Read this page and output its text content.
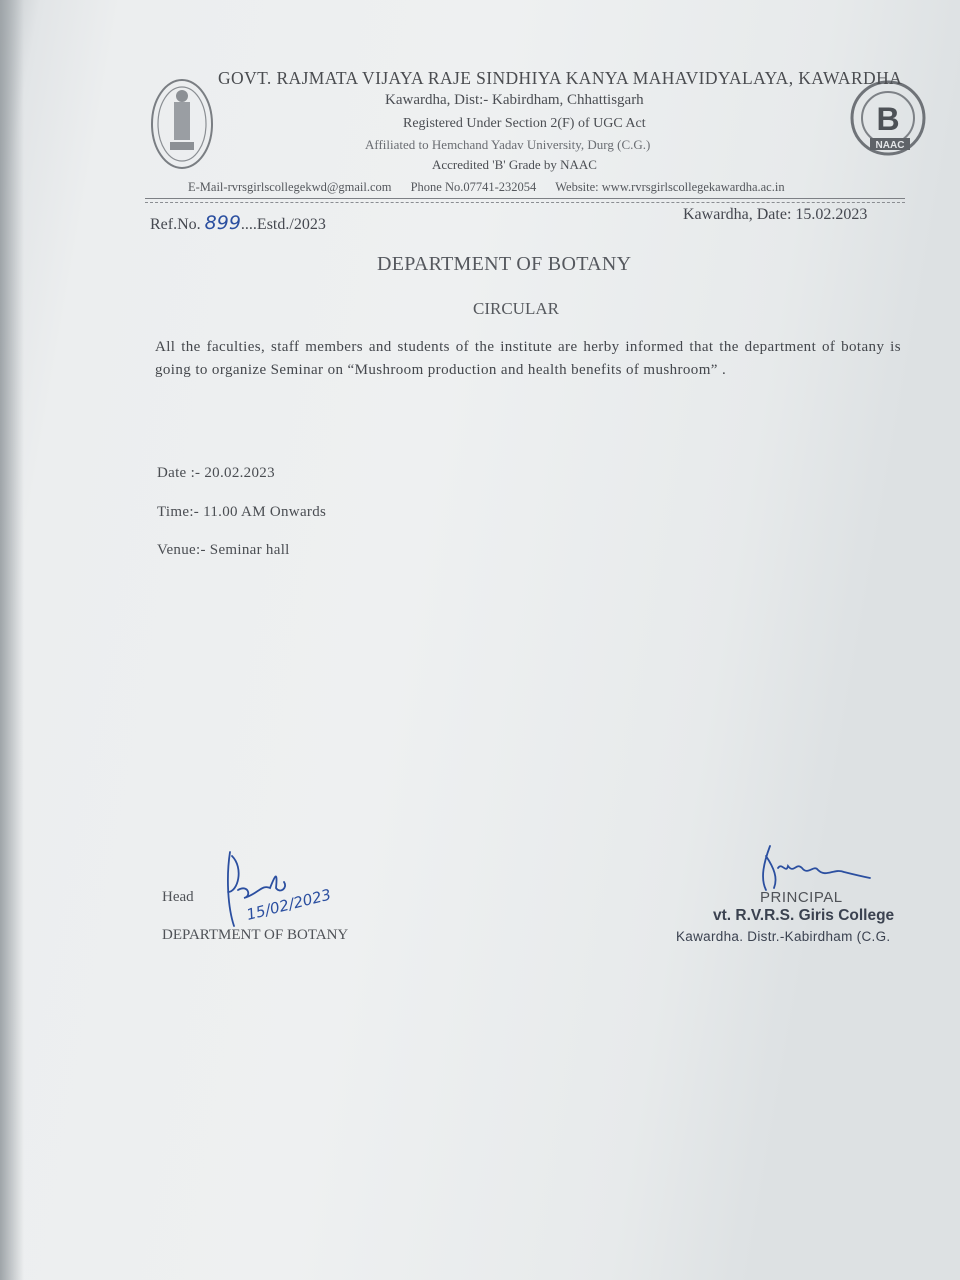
B
NAAC
GOVT. RAJMATA VIJAYA RAJE SINDHIYA KANYA MAHAVIDYALAYA, KAWARDHA
Kawardha, Dist:- Kabirdham, Chhattisgarh
Registered Under Section 2(F) of UGC Act
Affiliated to Hemchand Yadav University, Durg (C.G.)
Accredited 'B' Grade by NAAC
E-Mail-rvrsgirlscollegekwd@gmail.com Phone No.07741-232054 Website: www.rvrsgirlscollegekawardha.ac.in
Ref.No. 899....Estd./2023
Kawardha, Date: 15.02.2023
DEPARTMENT OF BOTANY
CIRCULAR
All the faculties, staff members and students of the institute are herby informed that the department of botany is going to organize Seminar on “Mushroom production and health benefits of mushroom” .
Date :- 20.02.2023
Time:- 11.00 AM Onwards
Venue:- Seminar hall
Head
DEPARTMENT OF BOTANY
15/02/2023	PRINCIPAL
vt. R.V.R.S. Giris College
Kawardha. Distr.-Kabirdham (C.G.
